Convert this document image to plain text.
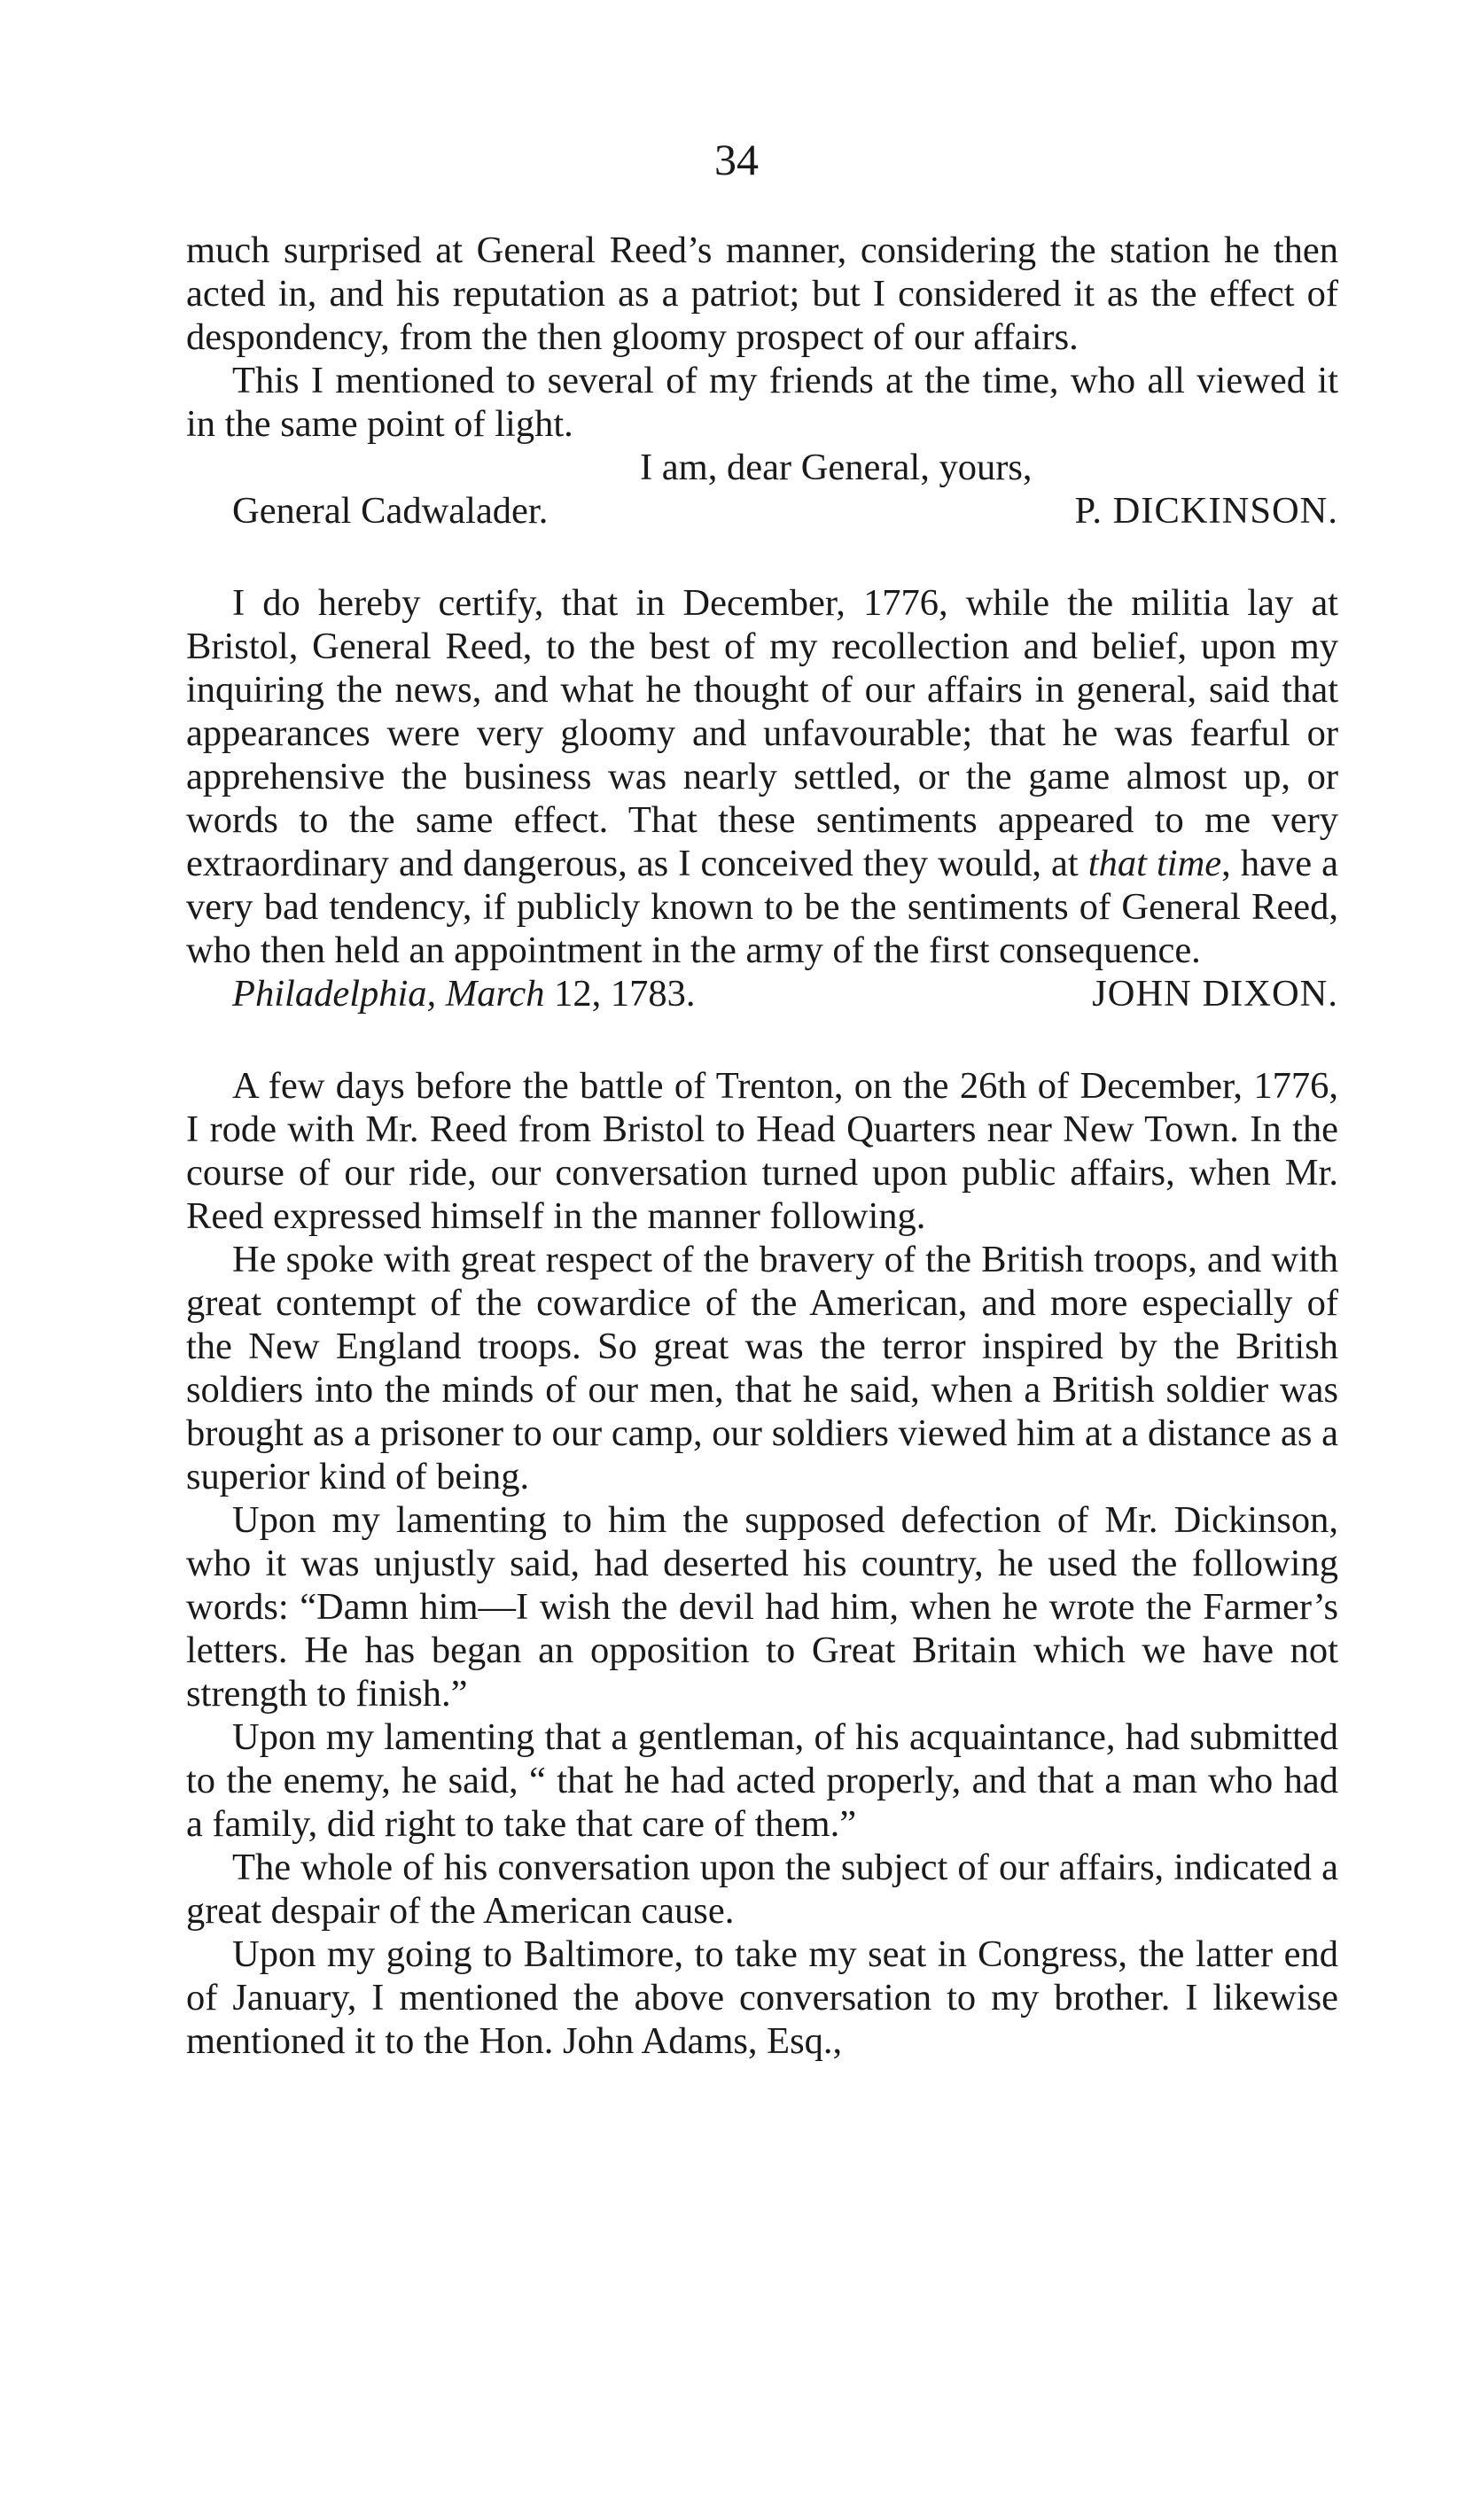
34

much surprised at General Reed’s manner, considering the station he then acted in, and his reputation as a patriot; but I considered it as the effect of despondency, from the then gloomy prospect of our affairs.

This I mentioned to several of my friends at the time, who all viewed it in the same point of light.

I am, dear General, yours,
General Cadwalader.	P. DICKINSON.

I do hereby certify, that in December, 1776, while the militia lay at Bristol, General Reed, to the best of my recollection and belief, upon my inquiring the news, and what he thought of our affairs in general, said that appearances were very gloomy and unfavourable; that he was fearful or apprehensive the business was nearly settled, or the game almost up, or words to the same effect. That these sentiments appeared to me very extraordinary and dangerous, as I conceived they would, at that time, have a very bad tendency, if publicly known to be the sentiments of General Reed, who then held an appointment in the army of the first consequence.

Philadelphia, March 12, 1783.	JOHN DIXON.

A few days before the battle of Trenton, on the 26th of December, 1776, I rode with Mr. Reed from Bristol to Head Quarters near New Town. In the course of our ride, our conversation turned upon public affairs, when Mr. Reed expressed himself in the manner following.

He spoke with great respect of the bravery of the British troops, and with great contempt of the cowardice of the American, and more especially of the New England troops. So great was the terror inspired by the British soldiers into the minds of our men, that he said, when a British soldier was brought as a prisoner to our camp, our soldiers viewed him at a distance as a superior kind of being.

Upon my lamenting to him the supposed defection of Mr. Dickinson, who it was unjustly said, had deserted his country, he used the following words: “Damn him—I wish the devil had him, when he wrote the Farmer’s letters. He has began an opposition to Great Britain which we have not strength to finish.”

Upon my lamenting that a gentleman, of his acquaintance, had submitted to the enemy, he said, “ that he had acted properly, and that a man who had a family, did right to take that care of them.”

The whole of his conversation upon the subject of our affairs, indicated a great despair of the American cause.

Upon my going to Baltimore, to take my seat in Congress, the latter end of January, I mentioned the above conversation to my brother. I likewise mentioned it to the Hon. John Adams, Esq.,
